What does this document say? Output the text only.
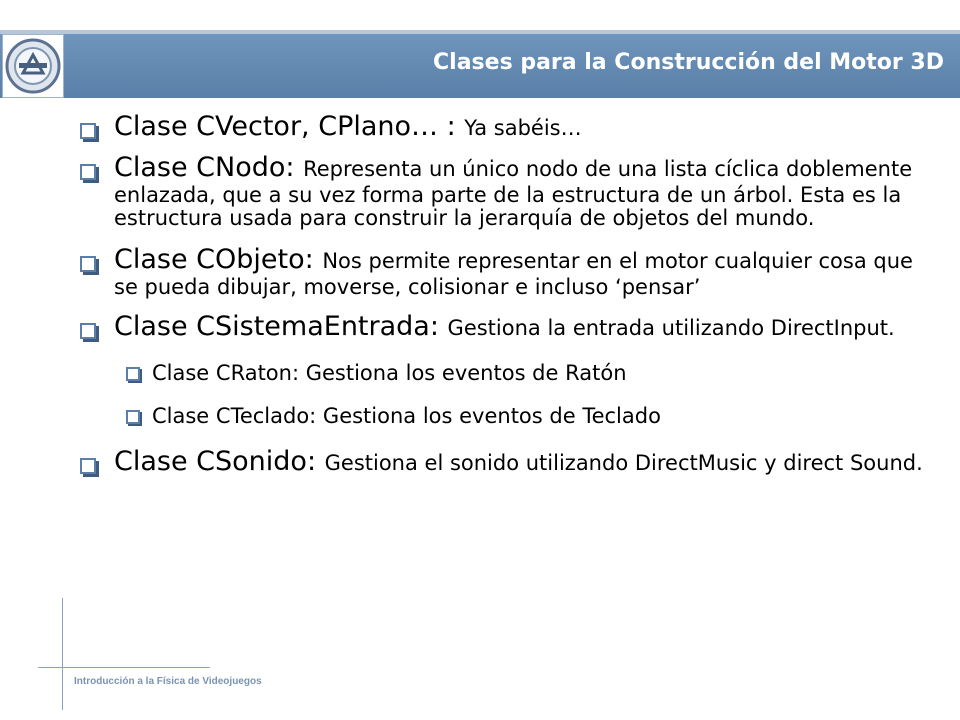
Clases para la Construcción del Motor 3D
Clase CVector, CPlano… : Ya sabéis…
Clase CNodo: Representa un único nodo de una lista cíclica doblemente enlazada, que a su vez forma parte de la estructura de un árbol. Esta es la estructura usada para construir la jerarquía de objetos del mundo.
Clase CObjeto: Nos permite representar en el motor cualquier cosa que se pueda dibujar, moverse, colisionar e incluso ‘pensar’
Clase CSistemaEntrada: Gestiona la entrada utilizando DirectInput.
Clase CRaton: Gestiona los eventos de Ratón
Clase CTeclado: Gestiona los eventos de Teclado
Clase CSonido: Gestiona el sonido utilizando DirectMusic y direct Sound.
Introducción a la Física de Videojuegos
